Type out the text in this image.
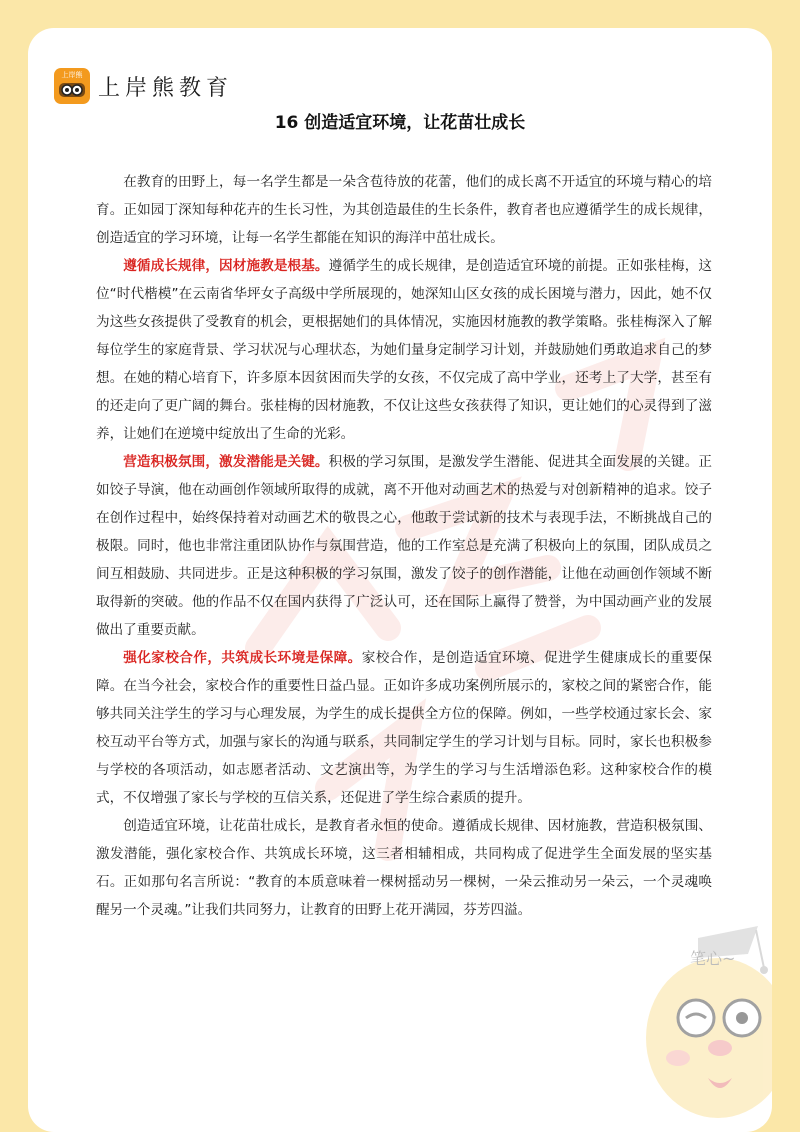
上岸熊
上岸熊教育
16 创造适宜环境，让花苗壮成长

在教育的田野上，每一名学生都是一朵含苞待放的花蕾，他们的成长离不开适宜的环境与精心的培育。正如园丁深知每种花卉的生长习性，为其创造最佳的生长条件，教育者也应遵循学生的成长规律，创造适宜的学习环境，让每一名学生都能在知识的海洋中茁壮成长。

遵循成长规律，因材施教是根基。遵循学生的成长规律，是创造适宜环境的前提。正如张桂梅，这位“时代楷模”在云南省华坪女子高级中学所展现的，她深知山区女孩的成长困境与潜力，因此，她不仅为这些女孩提供了受教育的机会，更根据她们的具体情况，实施因材施教的教学策略。张桂梅深入了解每位学生的家庭背景、学习状况与心理状态，为她们量身定制学习计划，并鼓励她们勇敢追求自己的梦想。在她的精心培育下，许多原本因贫困而失学的女孩，不仅完成了高中学业，还考上了大学，甚至有的还走向了更广阔的舞台。张桂梅的因材施教，不仅让这些女孩获得了知识，更让她们的心灵得到了滋养，让她们在逆境中绽放出了生命的光彩。

营造积极氛围，激发潜能是关键。积极的学习氛围，是激发学生潜能、促进其全面发展的关键。正如饺子导演，他在动画创作领域所取得的成就，离不开他对动画艺术的热爱与对创新精神的追求。饺子在创作过程中，始终保持着对动画艺术的敬畏之心，他敢于尝试新的技术与表现手法，不断挑战自己的极限。同时，他也非常注重团队协作与氛围营造，他的工作室总是充满了积极向上的氛围，团队成员之间互相鼓励、共同进步。正是这种积极的学习氛围，激发了饺子的创作潜能，让他在动画创作领域不断取得新的突破。他的作品不仅在国内获得了广泛认可，还在国际上赢得了赞誉，为中国动画产业的发展做出了重要贡献。

强化家校合作，共筑成长环境是保障。家校合作，是创造适宜环境、促进学生健康成长的重要保障。在当今社会，家校合作的重要性日益凸显。正如许多成功案例所展示的，家校之间的紧密合作，能够共同关注学生的学习与心理发展，为学生的成长提供全方位的保障。例如，一些学校通过家长会、家校互动平台等方式，加强与家长的沟通与联系，共同制定学生的学习计划与目标。同时，家长也积极参与学校的各项活动，如志愿者活动、文艺演出等，为学生的学习与生活增添色彩。这种家校合作的模式，不仅增强了家长与学校的互信关系，还促进了学生综合素质的提升。

创造适宜环境，让花苗壮成长，是教育者永恒的使命。遵循成长规律、因材施教，营造积极氛围、激发潜能，强化家校合作、共筑成长环境，这三者相辅相成，共同构成了促进学生全面发展的坚实基石。正如那句名言所说：“教育的本质意味着一棵树摇动另一棵树，一朵云推动另一朵云，一个灵魂唤醒另一个灵魂。”让我们共同努力，让教育的田野上花开满园，芬芳四溢。

笔心~
